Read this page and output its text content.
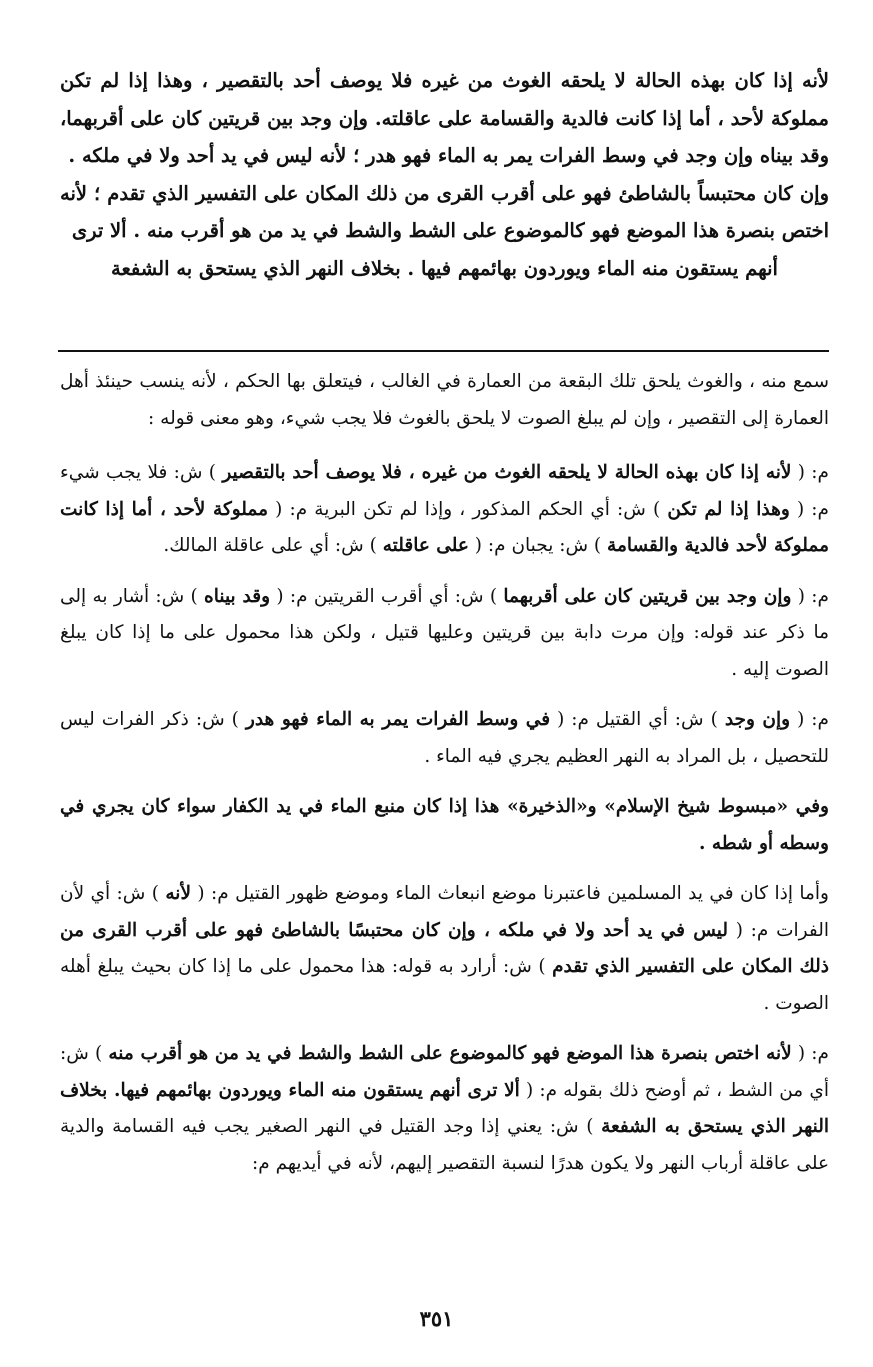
لأنه إذا كان بهذه الحالة لا يلحقه الغوث من غيره فلا يوصف أحد بالتقصير ، وهذا إذا لم تكن مملوكة لأحد ، أما إذا كانت فالدية والقسامة على عاقلته. وإن وجد بين قريتين كان على أقربهما، وقد بينا‌ه وإن وجد في وسط الفرات يمر به الماء فهو هدر ؛ لأنه ليس في يد أحد ولا في ملكه .

وإن كان محتبساً بالشاطئ فهو على أقرب القرى من ذلك المكان على التفسير الذي تقدم ؛ لأنه اختص بنصرة هذا الموضع فهو كالموضوع على الشط والشط في يد من هو أقرب منه . ألا ترى

أنهم يستقون منه الماء ويوردون بهائمهم فيها . بخلاف النهر الذي يستحق به الشفعة

سمع منه ، والغوث يلحق تلك البقعة من العمارة في الغالب ، فيتعلق بها الحكم ، لأنه ينسب حينئذ أهل العمارة إلى التقصير ، وإن لم يبلغ الصوت لا يلحق بالغوث فلا يجب شيء، وهو معنى قوله :

م: ( لأنه إذا كان بهذه الحالة لا يلحقه الغوث من غيره ، فلا يوصف أحد بالتقصير ) ش: فلا يجب شيء م: ( وهذا إذا لم تكن ) ش: أي الحكم المذكور ، وإذا لم تكن البرية م: ( مملوكة لأحد ، أما إذا كانت مملوكة لأحد فالدية والقسامة ) ش: يجبان م: ( على عاقلته ) ش: أي على عاقلة المالك.

م: ( وإن وجد بين قريتين كان على أقربهما ) ش: أي أقرب القريتين م: ( وقد بيناه ) ش: أشار به إلى ما ذكر عند قوله: وإن مرت دابة بين قريتين وعليها قتيل ، ولكن هذا محمول على ما إذا كان يبلغ الصوت إليه .

م: ( وإن وجد ) ش: أي القتيل م: ( في وسط الفرات يمر به الماء فهو هدر ) ش: ذكر الفرات ليس للتحصيل ، بل المراد به النهر العظيم يجري فيه الماء .

وفي «مبسوط شيخ الإسلام» و«الذخيرة» هذا إذا كان منبع الماء في يد الكفار سواء كان يجري في وسطه أو شطه .

وأما إذا كان في يد المسلمين فاعتبرنا موضع انبعاث الماء وموضع ظهور القتيل م: ( لأنه ) ش: أي لأن الفرات م: ( ليس في يد أحد ولا في ملكه ، وإن كان محتبسًا بالشاطئ فهو على أقرب القرى من ذلك المكان على التفسير الذي تقدم ) ش: أرارد به قوله: هذا محمول على ما إذا كان بحيث يبلغ أهله الصوت .

م: ( لأنه اختص بنصرة هذا الموضع فهو كالموضوع على الشط والشط في يد من هو أقرب منه ) ش: أي من الشط ، ثم أوضح ذلك بقوله م: ( ألا ترى أنهم يستقون منه الماء ويوردون بهائمهم فيها. بخلاف النهر الذي يستحق به الشفعة ) ش: يعني إذا وجد القتيل في النهر الصغير يجب فيه القسامة والدية على عاقلة أرباب النهر ولا يكون هدرًا لنسبة التقصير إليهم، لأنه في أيديهم م:

٣٥١
